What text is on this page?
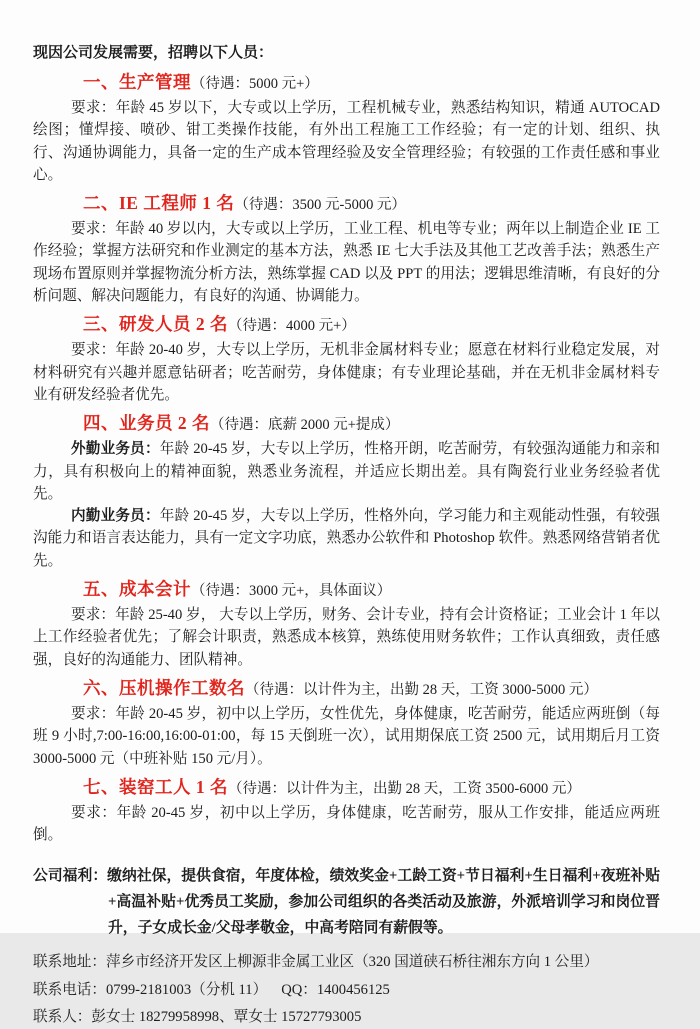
现因公司发展需要，招聘以下人员：

一、生产管理（待遇：5000 元+）

要求：年龄 45 岁以下，大专或以上学历，工程机械专业，熟悉结构知识，精通 AUTOCAD 绘图；懂焊接、喷砂、钳工类操作技能，有外出工程施工工作经验；有一定的计划、组织、执行、沟通协调能力，具备一定的生产成本管理经验及安全管理经验；有较强的工作责任感和事业心。

二、IE 工程师 1 名（待遇：3500 元-5000 元）

要求：年龄 40 岁以内，大专或以上学历，工业工程、机电等专业；两年以上制造企业 IE 工作经验；掌握方法研究和作业测定的基本方法，熟悉 IE 七大手法及其他工艺改善手法；熟悉生产现场布置原则并掌握物流分析方法，熟练掌握 CAD 以及 PPT 的用法；逻辑思维清晰，有良好的分析问题、解决问题能力，有良好的沟通、协调能力。

三、研发人员 2 名（待遇：4000 元+）

要求：年龄 20-40 岁，大专以上学历，无机非金属材料专业；愿意在材料行业稳定发展，对材料研究有兴趣并愿意钻研者；吃苦耐劳，身体健康；有专业理论基础，并在无机非金属材料专业有研发经验者优先。

四、业务员 2 名（待遇：底薪 2000 元+提成）

外勤业务员：年龄 20-45 岁，大专以上学历，性格开朗，吃苦耐劳，有较强沟通能力和亲和力，具有积极向上的精神面貌，熟悉业务流程，并适应长期出差。具有陶瓷行业业务经验者优先。

内勤业务员：年龄 20-45 岁，大专以上学历，性格外向，学习能力和主观能动性强，有较强沟能力和语言表达能力，具有一定文字功底，熟悉办公软件和 Photoshop 软件。熟悉网络营销者优先。

五、成本会计（待遇：3000 元+，具体面议）

要求：年龄 25-40 岁， 大专以上学历，财务、会计专业，持有会计资格证；工业会计 1 年以上工作经验者优先；了解会计职责，熟悉成本核算，熟练使用财务软件；工作认真细致，责任感强，良好的沟通能力、团队精神。

六、压机操作工数名（待遇：以计件为主，出勤 28 天，工资 3000-5000 元）

要求：年龄 20-45 岁，初中以上学历，女性优先，身体健康，吃苦耐劳，能适应两班倒（每班 9 小时,7:00-16:00,16:00-01:00，每 15 天倒班一次），试用期保底工资 2500 元，试用期后月工资 3000-5000 元（中班补贴 150 元/月）。

七、装窑工人 1 名（待遇：以计件为主，出勤 28 天，工资 3500-6000 元）

要求：年龄 20-45 岁，初中以上学历，身体健康，吃苦耐劳，服从工作安排，能适应两班倒。

公司福利：缴纳社保，提供食宿，年度体检，绩效奖金+工龄工资+节日福利+生日福利+夜班补贴+高温补贴+优秀员工奖励，参加公司组织的各类活动及旅游，外派培训学习和岗位晋升，子女成长金/父母孝敬金，中高考陪同有薪假等。

联系地址：萍乡市经济开发区上柳源非金属工业区（320 国道硖石桥往湘东方向 1 公里）

联系电话：0799-2181003（分机 11） QQ：1400456125

联系人：彭女士 18279958998、覃女士 15727793005
